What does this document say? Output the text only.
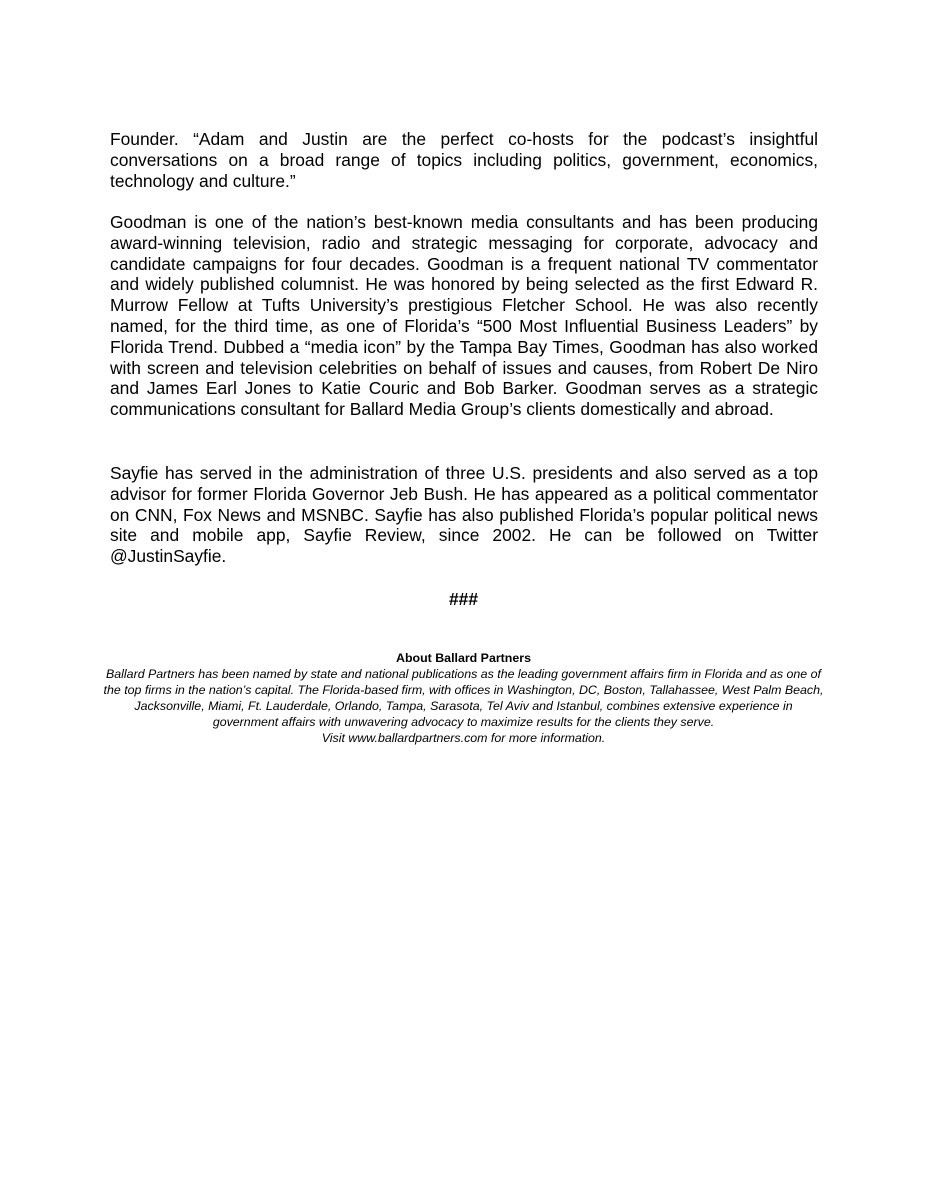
Founder. “Adam and Justin are the perfect co-hosts for the podcast’s insightful conversations on a broad range of topics including politics, government, economics, technology and culture.”

Goodman is one of the nation’s best-known media consultants and has been producing award-winning television, radio and strategic messaging for corporate, advocacy and candidate campaigns for four decades. Goodman is a frequent national TV commentator and widely published columnist. He was honored by being selected as the first Edward R. Murrow Fellow at Tufts University’s prestigious Fletcher School. He was also recently named, for the third time, as one of Florida’s “500 Most Influential Business Leaders” by Florida Trend. Dubbed a “media icon” by the Tampa Bay Times, Goodman has also worked with screen and television celebrities on behalf of issues and causes, from Robert De Niro and James Earl Jones to Katie Couric and Bob Barker. Goodman serves as a strategic communications consultant for Ballard Media Group’s clients domestically and abroad.

Sayfie has served in the administration of three U.S. presidents and also served as a top advisor for former Florida Governor Jeb Bush. He has appeared as a political commentator on CNN, Fox News and MSNBC. Sayfie has also published Florida’s popular political news site and mobile app, Sayfie Review, since 2002. He can be followed on Twitter @JustinSayfie.

###

About Ballard Partners

Ballard Partners has been named by state and national publications as the leading government affairs firm in Florida and as one of the top firms in the nation’s capital. The Florida-based firm, with offices in Washington, DC, Boston, Tallahassee, West Palm Beach, Jacksonville, Miami, Ft. Lauderdale, Orlando, Tampa, Sarasota, Tel Aviv and Istanbul, combines extensive experience in government affairs with unwavering advocacy to maximize results for the clients they serve.

Visit www.ballardpartners.com for more information.
